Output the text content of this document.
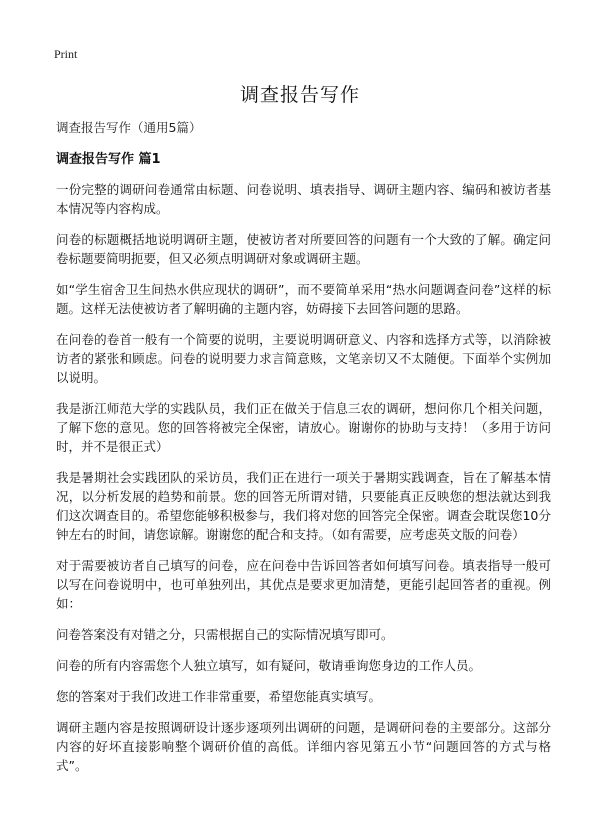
Print
调查报告写作

调查报告写作（通用5篇）

调查报告写作 篇1

一份完整的调研问卷通常由标题、问卷说明、填表指导、调研主题内容、编码和被访者基本情况等内容构成。

问卷的标题概括地说明调研主题，使被访者对所要回答的问题有一个大致的了解。确定问卷标题要简明扼要，但又必须点明调研对象或调研主题。

如“学生宿舍卫生间热水供应现状的调研”，而不要简单采用“热水问题调查问卷”这样的标题。这样无法使被访者了解明确的主题内容，妨碍接下去回答问题的思路。

在问卷的卷首一般有一个简要的说明，主要说明调研意义、内容和选择方式等，以消除被访者的紧张和顾虑。问卷的说明要力求言简意赅，文笔亲切又不太随便。下面举个实例加以说明。

我是浙江师范大学的实践队员，我们正在做关于信息三农的调研，想问你几个相关问题，了解下您的意见。您的回答将被完全保密，请放心。谢谢你的协助与支持！（多用于访问时，并不是很正式）

我是暑期社会实践团队的采访员，我们正在进行一项关于暑期实践调查，旨在了解基本情况，以分析发展的趋势和前景。您的回答无所谓对错，只要能真正反映您的想法就达到我们这次调查目的。希望您能够积极参与，我们将对您的回答完全保密。调查会耽误您10分钟左右的时间，请您谅解。谢谢您的配合和支持。（如有需要，应考虑英文版的问卷）

对于需要被访者自己填写的问卷，应在问卷中告诉回答者如何填写问卷。填表指导一般可以写在问卷说明中，也可单独列出，其优点是要求更加清楚，更能引起回答者的重视。例如：

问卷答案没有对错之分，只需根据自己的实际情况填写即可。

问卷的所有内容需您个人独立填写，如有疑问，敬请垂询您身边的工作人员。

您的答案对于我们改进工作非常重要，希望您能真实填写。

调研主题内容是按照调研设计逐步逐项列出调研的问题，是调研问卷的主要部分。这部分内容的好坏直接影响整个调研价值的高低。详细内容见第五小节“问题回答的方式与格式”。
